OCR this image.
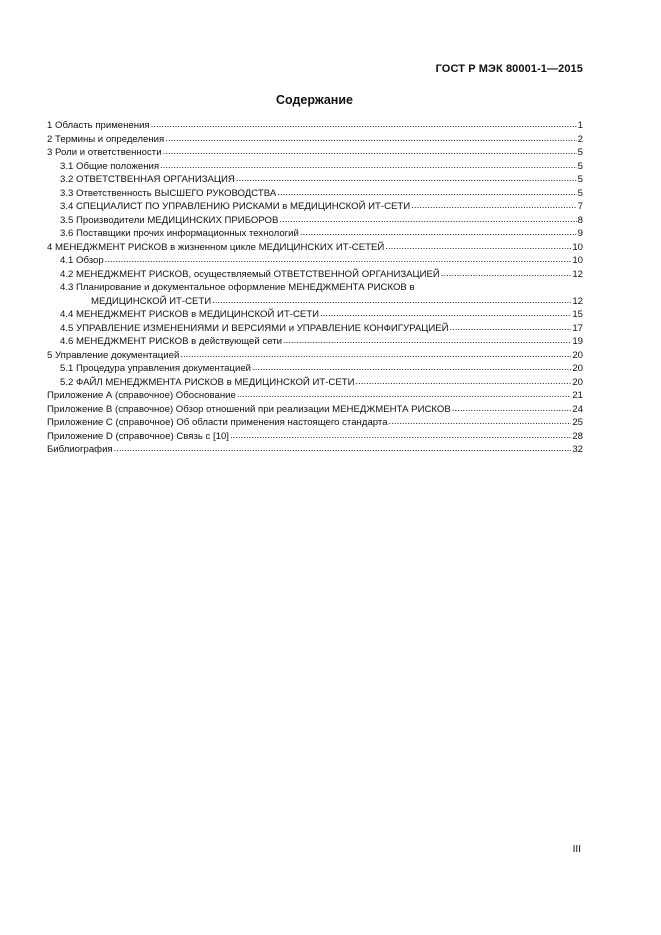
ГОСТ Р МЭК 80001-1—2015
Содержание
1 Область применения .....	1
2 Термины и определения .....	2
3 Роли и ответственности .....	5
3.1 Общие положения .....	5
3.2 ОТВЕТСТВЕННАЯ ОРГАНИЗАЦИЯ .....	5
3.3 Ответственность ВЫСШЕГО РУКОВОДСТВА .....	5
3.4 СПЕЦИАЛИСТ ПО УПРАВЛЕНИЮ РИСКАМИ в МЕДИЦИНСКОЙ ИТ-СЕТИ .....	7
3.5 Производители МЕДИЦИНСКИХ ПРИБОРОВ .....	8
3.6 Поставщики прочих информационных технологий .....	9
4 МЕНЕДЖМЕНТ РИСКОВ в жизненном цикле МЕДИЦИНСКИХ ИТ-СЕТЕЙ .....	10
4.1 Обзор .....	10
4.2 МЕНЕДЖМЕНТ РИСКОВ, осуществляемый ОТВЕТСТВЕННОЙ ОРГАНИЗАЦИЕЙ .....	12
4.3 Планирование и документальное оформление МЕНЕДЖМЕНТА РИСКОВ в
МЕДИЦИНСКОЙ ИТ-СЕТИ .....	12
4.4 МЕНЕДЖМЕНТ РИСКОВ в МЕДИЦИНСКОЙ ИТ-СЕТИ .....	15
4.5 УПРАВЛЕНИЕ ИЗМЕНЕНИЯМИ И ВЕРСИЯМИ и УПРАВЛЕНИЕ КОНФИГУРАЦИЕЙ .....	17
4.6 МЕНЕДЖМЕНТ РИСКОВ в действующей сети .....	19
5 Управление документацией .....	20
5.1 Процедура управления документацией .....	20
5.2 ФАЙЛ МЕНЕДЖМЕНТА РИСКОВ в МЕДИЦИНСКОЙ ИТ-СЕТИ .....	20
Приложение А (справочное) Обоснование .....	21
Приложение В (справочное) Обзор отношений при реализации МЕНЕДЖМЕНТА РИСКОВ .....	24
Приложение С (справочное) Об области применения настоящего стандарта .....	25
Приложение D (справочное) Связь с [10] .....	28
Библиография .....	32
III
